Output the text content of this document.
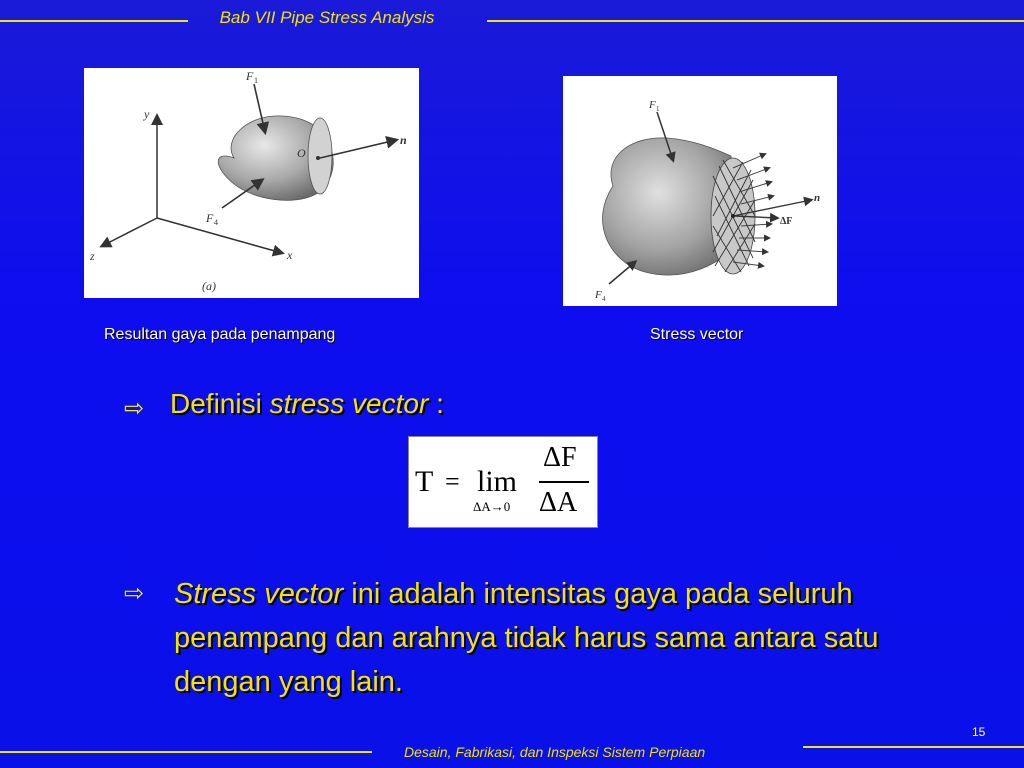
Bab VII Pipe Stress Analysis
y
x
z
F 1
F 4
n
O
(a)
n
ΔF
F 1
F 4
Resultan gaya pada penampang	Stress vector
⇨ Definisi stress vector :
T = lim
ΔA→0
ΔF
ΔA
⇨ Stress vector ini adalah intensitas gaya pada seluruh penampang dan arahnya tidak harus sama antara satu dengan yang lain.
15
Desain, Fabrikasi, dan Inspeksi Sistem Perpiaan
